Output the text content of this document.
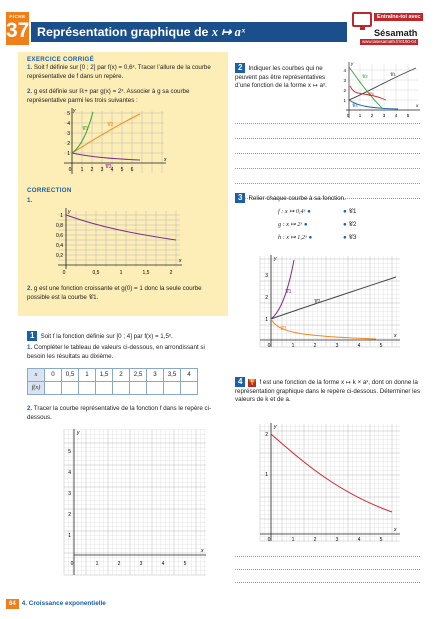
FICHE
37 Représentation graphique de x ↦ aˣ
Entraîne-toi avec
Sésamath
www.lasesamath.fr/0190-04
EXERCICE CORRIGÉ
1. Soit f définie sur [0 ; 2] par f(x) = 0,6ˣ. Tracer l’allure de la courbe représentative de f dans un repère.
2. g est définie sur ℝ+ par g(x) = 2ˣ. Associer à g sa courbe représentative parmi les trois suivantes :
y
x
𝒞1
𝒞2
𝒞3
0 1 2 3 4 5 6
1
2
3
4
5
CORRECTION
1.
y
x
0,2
0,4
0,6
0,8
1
0	0,5	1	1,5	2
2. g est une fonction croissante et g(0) = 1 donc la seule courbe possible est la courbe 𝒞1.
1 Soit f la fonction définie sur [0 ; 4] par f(x) = 1,5ˣ.
1. Compléter le tableau de valeurs ci-dessous, en arrondissant si besoin les résultats au dixième.
x	0	0,5	1	1,5	2	2,5	3	3,5	4
f(x)									
2. Tracer la courbe représentative de la fonction f dans le repère ci-dessous.
y
x
0	1	2	3	4	5
1
2
3
4
5
2 Indiquer les courbes qui ne peuvent pas être représentatives d’une fonction de la forme x ↦ aˣ.
y
x
𝒞1
𝒞2
𝒞3
𝒞4
0 1 2 3 4 5
1
2
3
4
3 Relier chaque courbe à sa fonction.
f : x ↦ 0,4ˣ ●
g : x ↦ 2ˣ ●
h : x ↦ 1,2ˣ ●
● 𝒞1
● 𝒞2
● 𝒞3
y
x
𝒞1
𝒞2
𝒞3
0	1	2	3	4	5
1
2
3
4 🏆 f est une fonction de la forme x ↦ k × aˣ, dont on donne la représentation graphique dans le repère ci-dessous. Déterminer les valeurs de k et de a.
y
x
0	1	2	3	4	5
1
2
64 4. Croissance exponentielle
